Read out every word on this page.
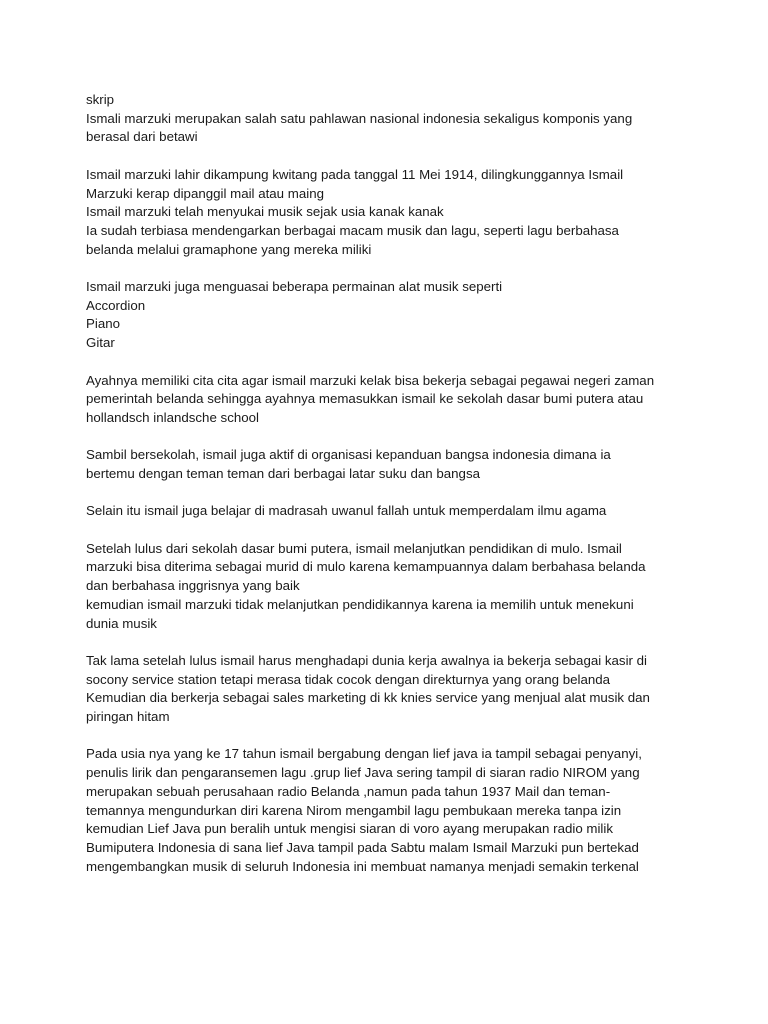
skrip
Ismali marzuki merupakan salah satu pahlawan nasional indonesia sekaligus komponis yang
berasal dari betawi
Ismail marzuki lahir dikampung kwitang pada tanggal 11 Mei 1914, dilingkunggannya Ismail
Marzuki kerap dipanggil mail atau maing
Ismail marzuki telah menyukai musik sejak usia kanak kanak
Ia sudah terbiasa mendengarkan berbagai macam musik dan lagu, seperti lagu berbahasa
belanda melalui gramaphone yang mereka miliki
Ismail marzuki juga menguasai beberapa permainan alat musik seperti
Accordion
Piano
Gitar
Ayahnya memiliki cita cita agar ismail marzuki kelak bisa bekerja sebagai pegawai negeri zaman
pemerintah belanda sehingga ayahnya memasukkan ismail ke sekolah dasar bumi putera atau
hollandsch inlandsche school
Sambil bersekolah, ismail juga aktif di organisasi kepanduan bangsa indonesia dimana ia
bertemu dengan teman teman dari berbagai latar suku dan bangsa
Selain itu ismail juga belajar di madrasah uwanul fallah untuk memperdalam ilmu agama
Setelah lulus dari sekolah dasar bumi putera, ismail melanjutkan pendidikan di mulo. Ismail
marzuki bisa diterima sebagai murid di mulo karena kemampuannya dalam berbahasa belanda
dan berbahasa inggrisnya yang baik
kemudian ismail marzuki tidak melanjutkan pendidikannya karena ia memilih untuk menekuni
dunia musik
Tak lama setelah lulus ismail harus menghadapi dunia kerja awalnya ia bekerja sebagai kasir di
socony service station tetapi merasa tidak cocok dengan direkturnya yang orang belanda
Kemudian dia berkerja sebagai sales marketing di kk knies service yang menjual alat musik dan
piringan hitam
Pada usia nya yang ke 17 tahun ismail bergabung dengan lief java ia tampil sebagai penyanyi,
penulis lirik dan pengaransemen lagu .grup lief Java sering tampil di siaran radio NIROM yang
merupakan sebuah perusahaan radio Belanda ,namun pada tahun 1937 Mail dan teman-
temannya mengundurkan diri karena Nirom mengambil lagu pembukaan mereka tanpa izin
kemudian Lief Java pun beralih untuk mengisi siaran di voro ayang merupakan radio milik
Bumiputera Indonesia di sana lief Java tampil pada Sabtu malam Ismail Marzuki pun bertekad
mengembangkan musik di seluruh Indonesia ini membuat namanya menjadi semakin terkenal
